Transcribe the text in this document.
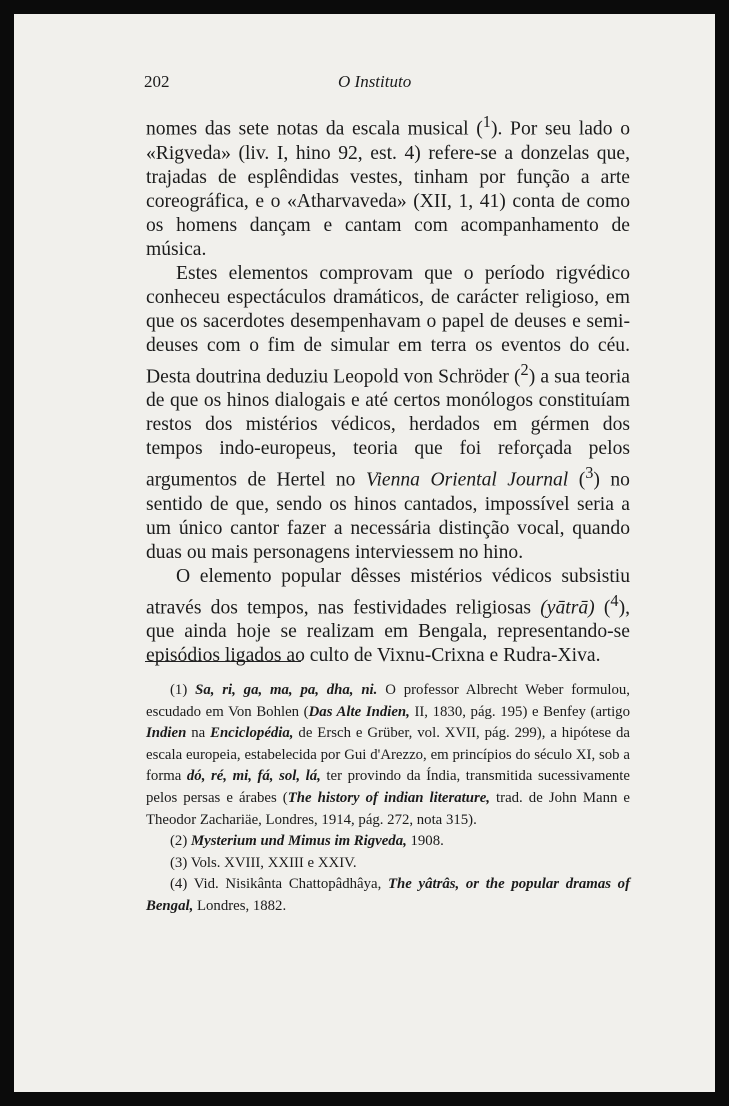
202	O Instituto

nomes das sete notas da escala musical ($^1$). Por seu lado o «Rigveda» (liv. I, hino 92, est. 4) refere-se a donzelas que, trajadas de esplêndidas vestes, tinham por função a arte coreográfica, e o «Atharvaveda» (XII, 1, 41) conta de como os homens dançam e cantam com acompanhamento de música.

Estes elementos comprovam que o período rigvédico conheceu espectáculos dramáticos, de carácter religioso, em que os sacerdotes desempenhavam o papel de deuses e semi-deuses com o fim de simular em terra os eventos do céu. Desta doutrina deduziu Leopold von Schröder ($^2$) a sua teoria de que os hinos dialogais e até certos monólogos constituíam restos dos mistérios védicos, herdados em gérmen dos tempos indo-europeus, teoria que foi reforçada pelos argumentos de Hertel no Vienna Oriental Journal ($^3$) no sentido de que, sendo os hinos cantados, impossível seria a um único cantor fazer a necessária distinção vocal, quando duas ou mais personagens interviessem no hino.

O elemento popular dêsses mistérios védicos subsistiu através dos tempos, nas festividades religiosas (yātrā) ($^4$), que ainda hoje se realizam em Bengala, representando-se episódios ligados ao culto de Vixnu-Crixna e Rudra-Xiva.

(1) Sa, ri, ga, ma, pa, dha, ni. O professor Albrecht Weber formulou, escudado em Von Bohlen (Das Alte Indien, II, 1830, pág. 195) e Benfey (artigo Indien na Enciclopédia, de Ersch e Grüber, vol. XVII, pág. 299), a hipótese da escala europeia, estabelecida por Gui d'Arezzo, em princípios do século XI, sob a forma dó, ré, mi, fá, sol, lá, ter provindo da Índia, transmitida sucessivamente pelos persas e árabes (The history of indian literature, trad. de John Mann e Theodor Zachariäe, Londres, 1914, pág. 272, nota 315).

(2) Mysterium und Mimus im Rigveda, 1908.

(3) Vols. XVIII, XXIII e XXIV.

(4) Vid. Nisikânta Chattopâdhâya, The yâtrâs, or the popular dramas of Bengal, Londres, 1882.
